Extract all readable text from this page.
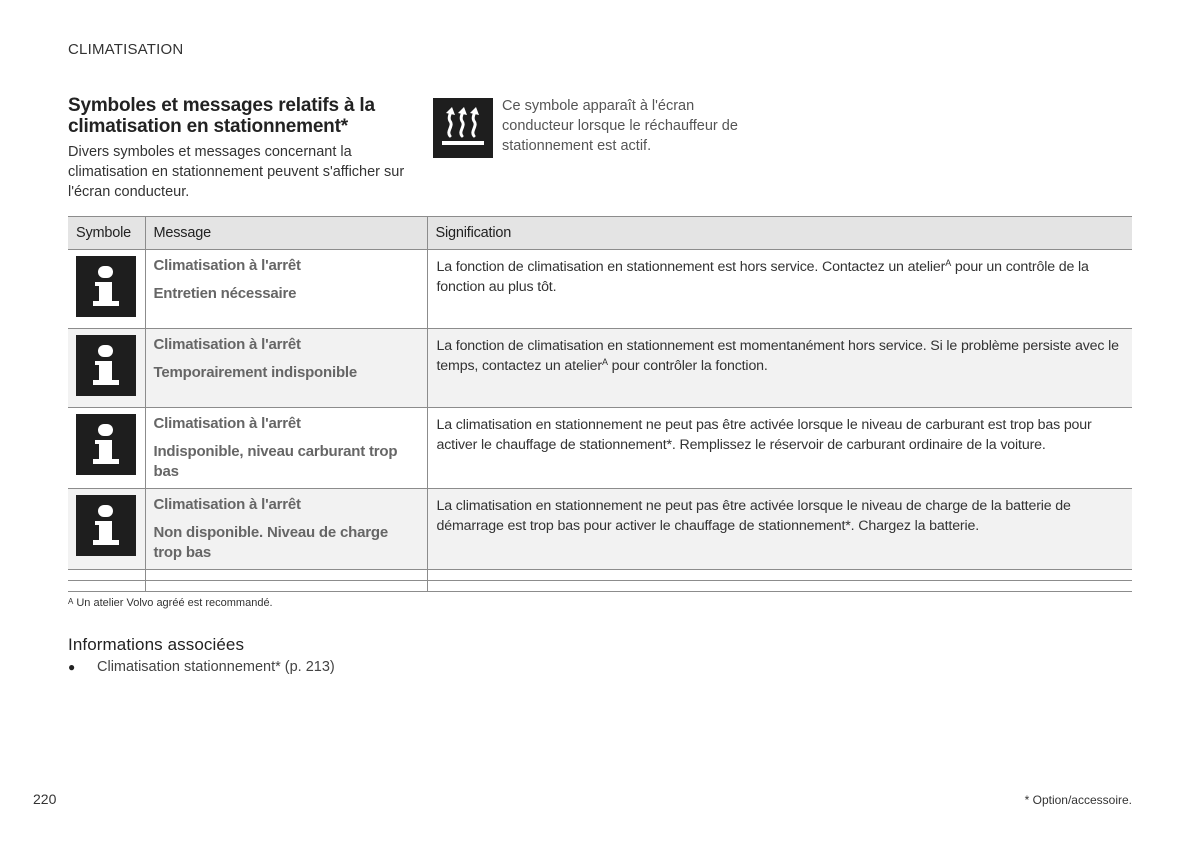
CLIMATISATION
Symboles et messages relatifs à la climatisation en stationnement*

Divers symboles et messages concernant la climatisation en stationnement peuvent s'afficher sur l'écran conducteur.

Ce symbole apparaît à l'écran conducteur lorsque le réchauffeur de stationnement est actif.
Symbole	Message	Signification

	Climatisation à l'arrêt
Entretien nécessaire	La fonction de climatisation en stationnement est hors service. Contactez un atelier$^A$ pour un contrôle de la fonction au plus tôt.

	Climatisation à l'arrêt
Temporairement indisponible	La fonction de climatisation en stationnement est momentanément hors service. Si le problème persiste avec le temps, contactez un atelier$^A$ pour contrôler la fonction.

	Climatisation à l'arrêt
Indisponible, niveau carburant trop bas	La climatisation en stationnement ne peut pas être activée lorsque le niveau de carburant est trop bas pour activer le chauffage de stationnement*. Remplissez le réservoir de carburant ordinaire de la voiture.

	Climatisation à l'arrêt
Non disponible. Niveau de charge trop bas	La climatisation en stationnement ne peut pas être activée lorsque le niveau de charge de la batterie de démarrage est trop bas pour activer le chauffage de stationnement*. Chargez la batterie.

$^A$ Un atelier Volvo agréé est recommandé.
Informations associées
● Climatisation stationnement* (p. 213)
220	* Option/accessoire.
